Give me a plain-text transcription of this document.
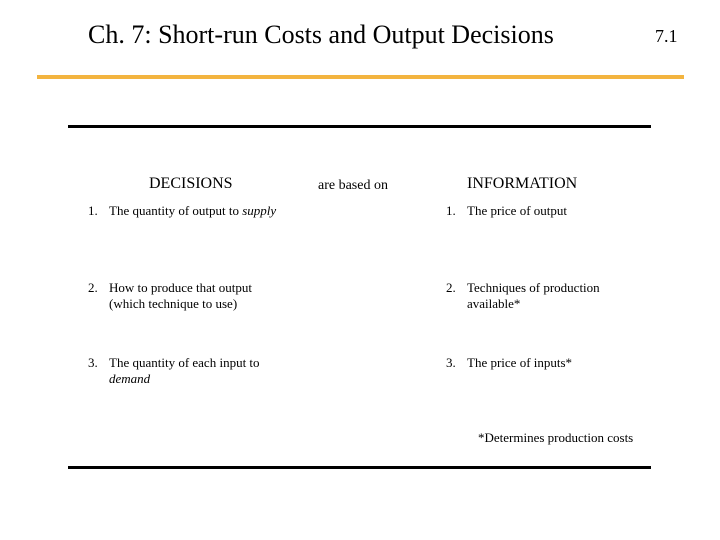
Ch. 7: Short-run Costs and Output Decisions	7.1
DECISIONS	are based on	INFORMATION
1. The quantity of output to supply
2. How to produce that output
(which technique to use)
3. The quantity of each input to
demand
1. The price of output
2. Techniques of production
available*
3. The price of inputs*
*Determines production costs
